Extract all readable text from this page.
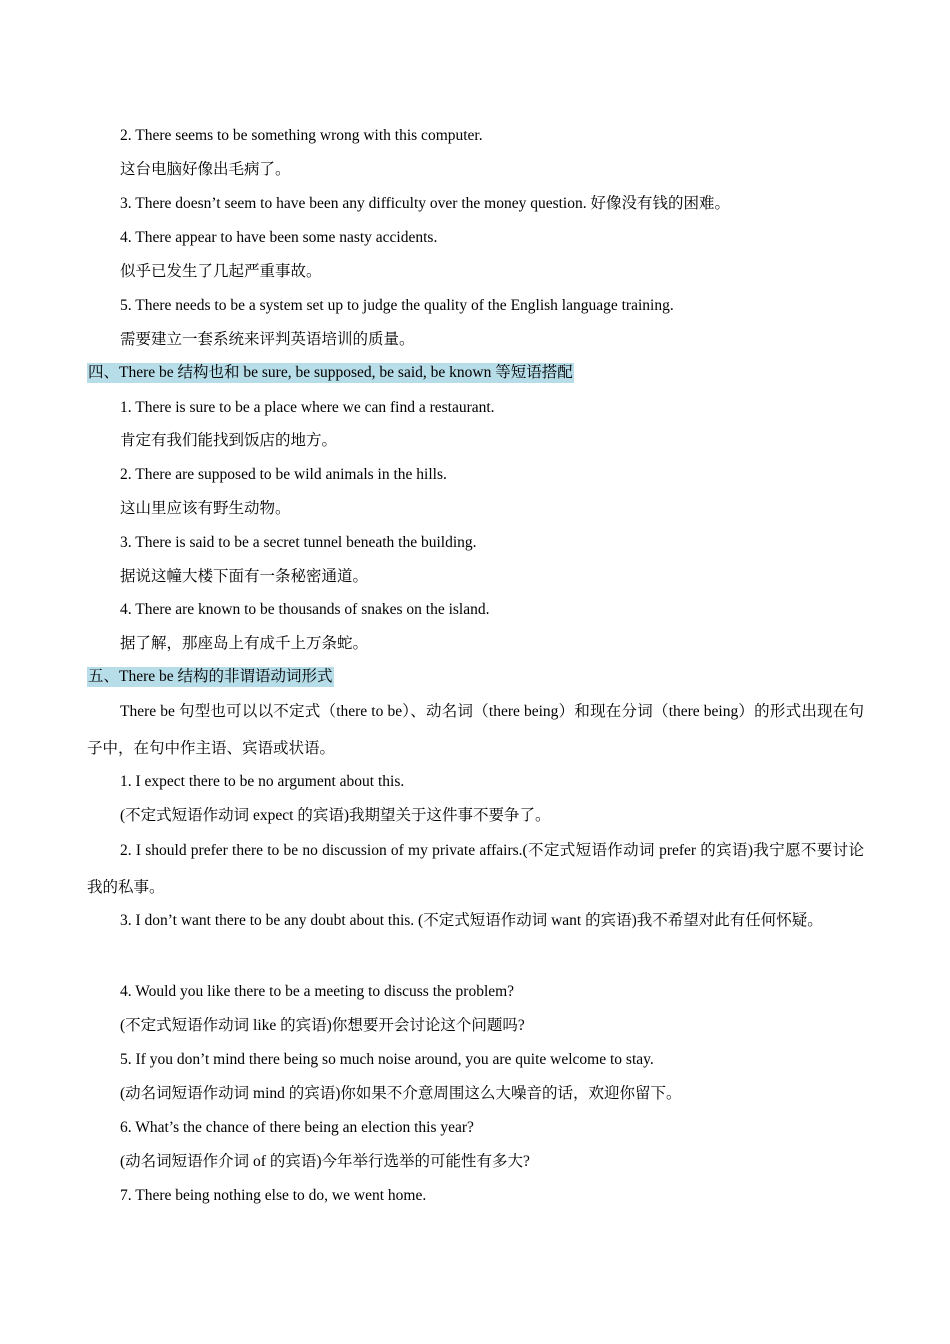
2. There seems to be something wrong with this computer.
这台电脑好像出毛病了。
3. There doesn’t seem to have been any difficulty over the money question. 好像没有钱的困难。
4. There appear to have been some nasty accidents.
似乎已发生了几起严重事故。
5. There needs to be a system set up to judge the quality of the English language training.
需要建立一套系统来评判英语培训的质量。
四、There be 结构也和 be sure, be supposed, be said, be known 等短语搭配
1. There is sure to be a place where we can find a restaurant.
肯定有我们能找到饭店的地方。
2. There are supposed to be wild animals in the hills.
这山里应该有野生动物。
3. There is said to be a secret tunnel beneath the building.
据说这幢大楼下面有一条秘密通道。
4. There are known to be thousands of snakes on the island.
据了解，那座岛上有成千上万条蛇。
五、There be 结构的非谓语动词形式
There be 句型也可以以不定式（there to be）、动名词（there being）和现在分词（there being）的形式出现在句子中，在句中作主语、宾语或状语。
1. I expect there to be no argument about this.
(不定式短语作动词 expect 的宾语)我期望关于这件事不要争了。
2. I should prefer there to be no discussion of my private affairs.(不定式短语作动词 prefer 的宾语)我宁愿不要讨论我的私事。
3. I don’t want there to be any doubt about this. (不定式短语作动词 want 的宾语)我不希望对此有任何怀疑。
4. Would you like there to be a meeting to discuss the problem?
(不定式短语作动词 like 的宾语)你想要开会讨论这个问题吗?
5. If you don’t mind there being so much noise around, you are quite welcome to stay.
(动名词短语作动词 mind 的宾语)你如果不介意周围这么大噪音的话，欢迎你留下。
6. What’s the chance of there being an election this year?
(动名词短语作介词 of 的宾语)今年举行选举的可能性有多大?
7. There being nothing else to do, we went home.
